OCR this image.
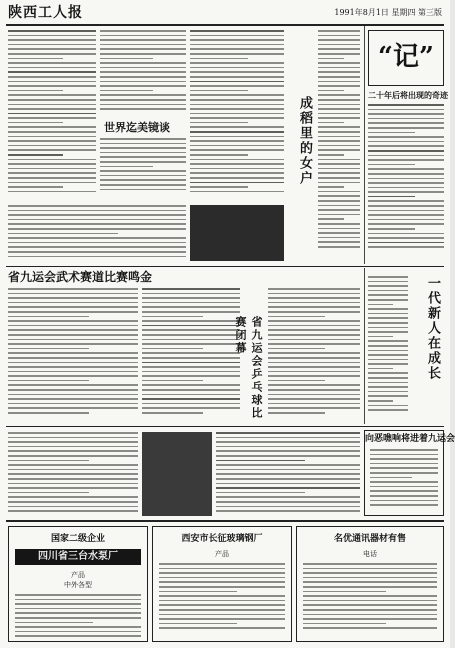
陕西工人报	1991年8月1日 星期四 第三版
世界迄美镜谈	成稻里的女户
“记”
二十年后将出现的奇迹
省九运会武术赛道比赛鸣金
省九运会乒乓球比赛闭幕	一代新人在成长
向恶噍响将进着九运会
国家二级企业
四川省三台水泵厂
产品
中外各型
西安市长征玻璃钢厂
产品
名优通讯器材有售
电话
